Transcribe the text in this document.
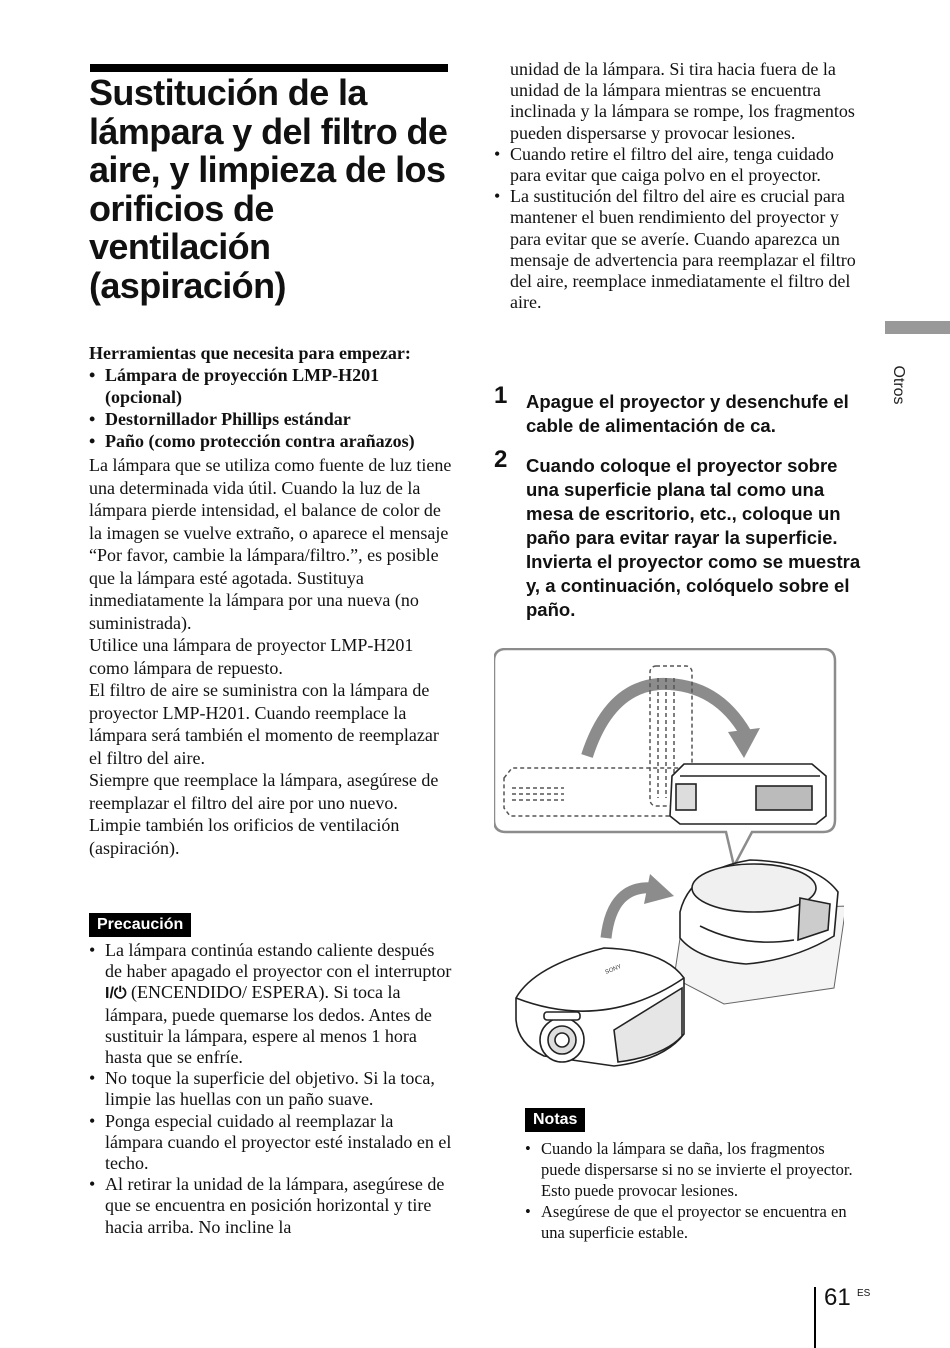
Sustitución de la
lámpara y del filtro de
aire, y limpieza de los
orificios de
ventilación
(aspiración)
Herramientas que necesita para empezar:
• Lámpara de proyección LMP-H201 (opcional)
• Destornillador Phillips estándar
• Paño (como protección contra arañazos)

La lámpara que se utiliza como fuente de luz tiene una determinada vida útil. Cuando la luz de la lámpara pierde intensidad, el balance de color de la imagen se vuelve extraño, o aparece el mensaje “Por favor, cambie la lámpara/filtro.”, es posible que la lámpara esté agotada. Sustituya inmediatamente la lámpara por una nueva (no suministrada).

Utilice una lámpara de proyector LMP-H201 como lámpara de repuesto.

El filtro de aire se suministra con la lámpara de proyector LMP-H201. Cuando reemplace la lámpara será también el momento de reemplazar el filtro del aire.

Siempre que reemplace la lámpara, asegúrese de reemplazar el filtro del aire por uno nuevo. Limpie también los orificios de ventilación (aspiración).

Precaución
• La lámpara continúa estando caliente después de haber apagado el proyector con el interruptor I/⏻ (ENCENDIDO/ ESPERA). Si toca la lámpara, puede quemarse los dedos. Antes de sustituir la lámpara, espere al menos 1 hora hasta que se enfríe.
• No toque la superficie del objetivo. Si la toca, limpie las huellas con un paño suave.
• Ponga especial cuidado al reemplazar la lámpara cuando el proyector esté instalado en el techo.
• Al retirar la unidad de la lámpara, asegúrese de que se encuentra en posición horizontal y tire hacia arriba. No incline la

unidad de la lámpara. Si tira hacia fuera de la unidad de la lámpara mientras se encuentra inclinada y la lámpara se rompe, los fragmentos pueden dispersarse y provocar lesiones.

• Cuando retire el filtro del aire, tenga cuidado para evitar que caiga polvo en el proyector.
• La sustitución del filtro del aire es crucial para mantener el buen rendimiento del proyector y para evitar que se averíe. Cuando aparezca un mensaje de advertencia para reemplazar el filtro del aire, reemplace inmediatamente el filtro del aire.
1 Apague el proyector y desenchufe el cable de alimentación de ca.
2 Cuando coloque el proyector sobre una superficie plana tal como una mesa de escritorio, etc., coloque un paño para evitar rayar la superficie. Invierta el proyector como se muestra y, a continuación, colóquelo sobre el paño.
SONY
Notas
• Cuando la lámpara se daña, los fragmentos puede dispersarse si no se invierte el proyector. Esto puede provocar lesiones.
• Asegúrese de que el proyector se encuentra en una superficie estable.
Otros
61 ES
